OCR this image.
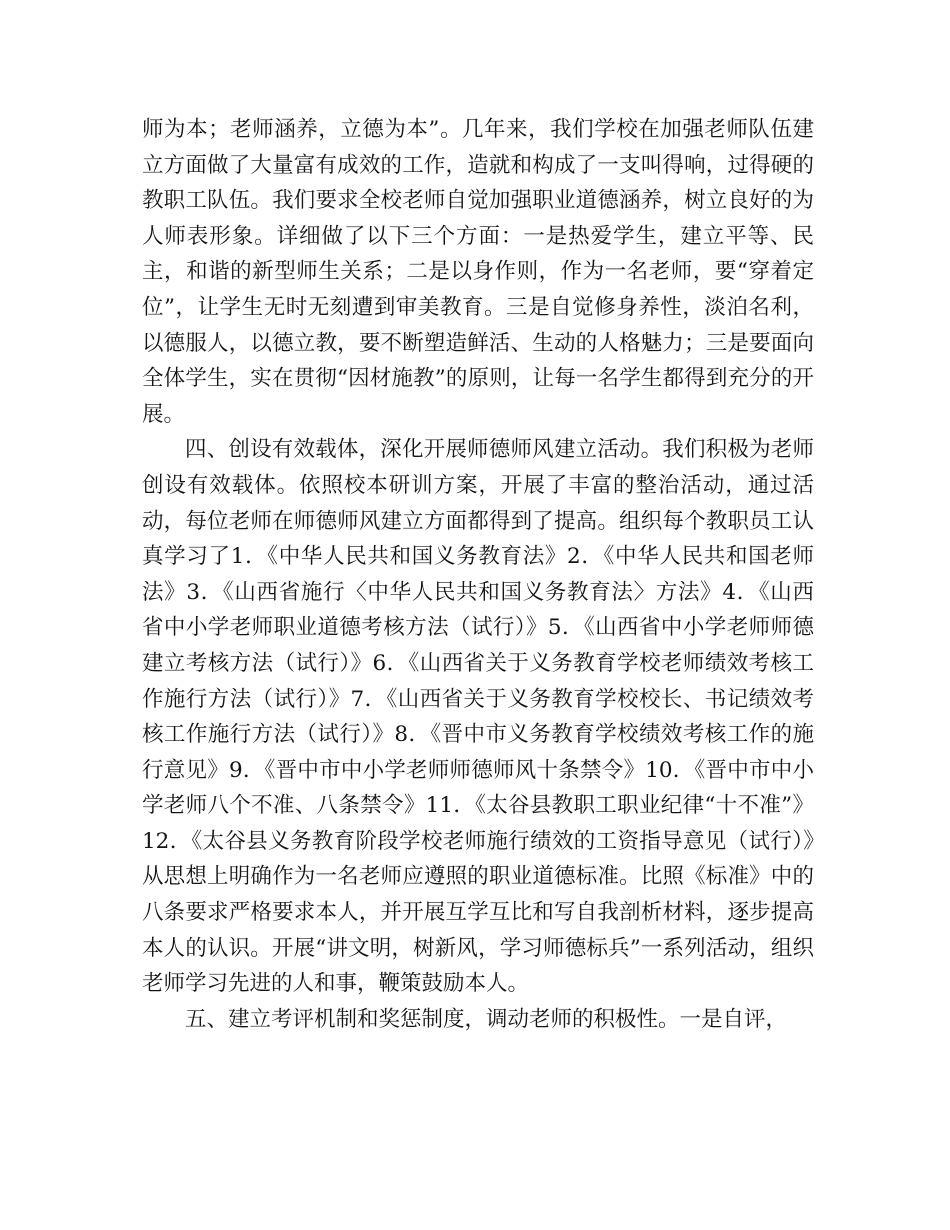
师为本；老师涵养，立德为本”。几年来，我们学校在加强老师队伍建立方面做了大量富有成效的工作，造就和构成了一支叫得响，过得硬的教职工队伍。我们要求全校老师自觉加强职业道德涵养，树立良好的为人师表形象。详细做了以下三个方面：一是热爱学生，建立平等、民主，和谐的新型师生关系；二是以身作则，作为一名老师，要“穿着定位”，让学生无时无刻遭到审美教育。三是自觉修身养性，淡泊名利，以德服人，以德立教，要不断塑造鲜活、生动的人格魅力；三是要面向全体学生，实在贯彻“因材施教”的原则，让每一名学生都得到充分的开展。

四、创设有效载体，深化开展师德师风建立活动。我们积极为老师创设有效载体。依照校本研训方案，开展了丰富的整治活动，通过活动，每位老师在师德师风建立方面都得到了提高。组织每个教职员工认真学习了1．《中华人民共和国义务教育法》2．《中华人民共和国老师法》3．《山西省施行〈中华人民共和国义务教育法〉方法》4．《山西省中小学老师职业道德考核方法（试行）》5．《山西省中小学老师师德建立考核方法（试行）》6．《山西省关于义务教育学校老师绩效考核工作施行方法（试行）》7．《山西省关于义务教育学校校长、书记绩效考核工作施行方法（试行）》8．《晋中市义务教育学校绩效考核工作的施行意见》9．《晋中市中小学老师师德师风十条禁令》10．《晋中市中小学老师八个不准、八条禁令》11．《太谷县教职工职业纪律“十不准”》12．《太谷县义务教育阶段学校老师施行绩效的工资指导意见（试行）》从思想上明确作为一名老师应遵照的职业道德标准。比照《标准》中的八条要求严格要求本人，并开展互学互比和写自我剖析材料，逐步提高本人的认识。开展“讲文明，树新风，学习师德标兵”一系列活动，组织老师学习先进的人和事，鞭策鼓励本人。

五、建立考评机制和奖惩制度，调动老师的积极性。一是自评，
